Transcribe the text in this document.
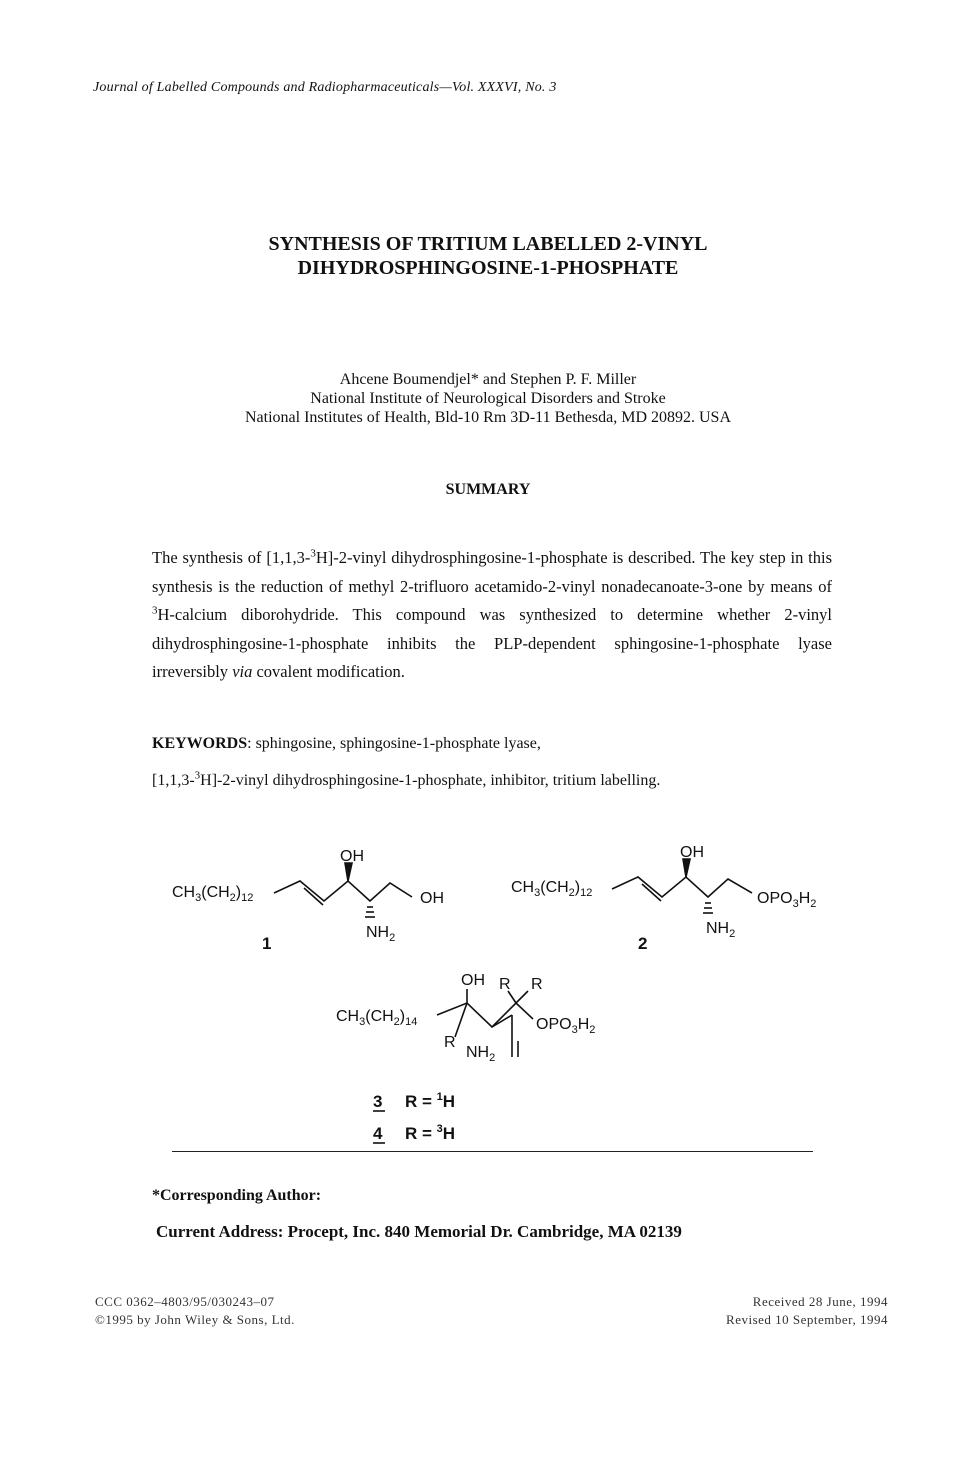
Journal of Labelled Compounds and Radiopharmaceuticals—Vol. XXXVI, No. 3
SYNTHESIS OF TRITIUM LABELLED 2-VINYL
DIHYDROSPHINGOSINE-1-PHOSPHATE
Ahcene Boumendjel* and Stephen P. F. Miller
National Institute of Neurological Disorders and Stroke
National Institutes of Health, Bld-10 Rm 3D-11 Bethesda, MD 20892. USA
SUMMARY
The synthesis of [1,1,3-$^3$H]-2-vinyl dihydrosphingosine-1-phosphate is described. The key step in this synthesis is the reduction of methyl 2-trifluoro acetamido-2-vinyl nonadecanoate-3-one by means of $^3$H-calcium diborohydride. This compound was synthesized to determine whether 2-vinyl dihydrosphingosine-1-phosphate inhibits the PLP-dependent sphingosine-1-phosphate lyase irreversibly via covalent modification.
KEYWORDS: sphingosine, sphingosine-1-phosphate lyase,
[1,1,3-$^3$H]-2-vinyl dihydrosphingosine-1-phosphate, inhibitor, tritium labelling.
$CH_3(CH_2)_{12}$
OH
OH
$NH_2$
1
$CH_3(CH_2)_{12}$
OH
$OPO_3H_2$
$NH_2$
2
OH R R
$CH_3(CH_2)_{14}$	$OPO_3H_2$
R
$NH_2$
3 R = $^1$H
4 R = $^3$H
*Corresponding Author:
Current Address: Procept, Inc. 840 Memorial Dr. Cambridge, MA 02139
CCC 0362–4803/95/030243–07
©1995 by John Wiley & Sons, Ltd.
Received 28 June, 1994
Revised 10 September, 1994
